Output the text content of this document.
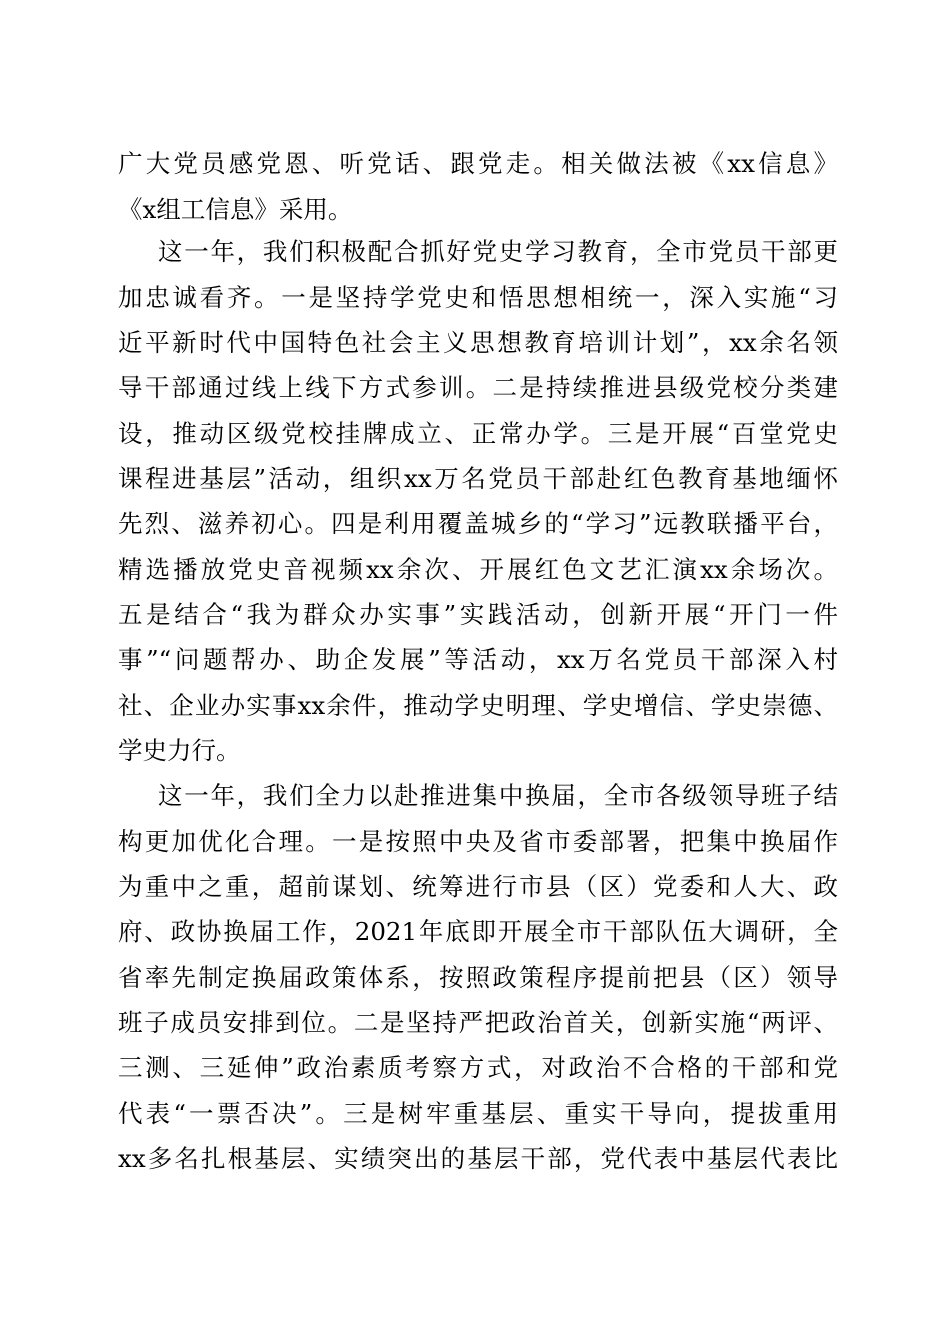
广大党员感党恩、听党话、跟党走。相关做法被《xx信息》
《x组工信息》采用。
这一年，我们积极配合抓好党史学习教育，全市党员干部更
加忠诚看齐。一是坚持学党史和悟思想相统一，深入实施“习
近平新时代中国特色社会主义思想教育培训计划”，xx余名领
导干部通过线上线下方式参训。二是持续推进县级党校分类建
设，推动区级党校挂牌成立、正常办学。三是开展“百堂党史
课程进基层”活动，组织xx万名党员干部赴红色教育基地缅怀
先烈、滋养初心。四是利用覆盖城乡的“学习”远教联播平台，
精选播放党史音视频xx余次、开展红色文艺汇演xx余场次。
五是结合“我为群众办实事”实践活动，创新开展“开门一件
事”“问题帮办、助企发展”等活动，xx万名党员干部深入村
社、企业办实事xx余件，推动学史明理、学史增信、学史崇德、
学史力行。
这一年，我们全力以赴推进集中换届，全市各级领导班子结
构更加优化合理。一是按照中央及省市委部署，把集中换届作
为重中之重，超前谋划、统筹进行市县（区）党委和人大、政
府、政协换届工作，2021年底即开展全市干部队伍大调研，全
省率先制定换届政策体系，按照政策程序提前把县（区）领导
班子成员安排到位。二是坚持严把政治首关，创新实施“两评、
三测、三延伸”政治素质考察方式，对政治不合格的干部和党
代表“一票否决”。三是树牢重基层、重实干导向，提拔重用
xx多名扎根基层、实绩突出的基层干部，党代表中基层代表比
